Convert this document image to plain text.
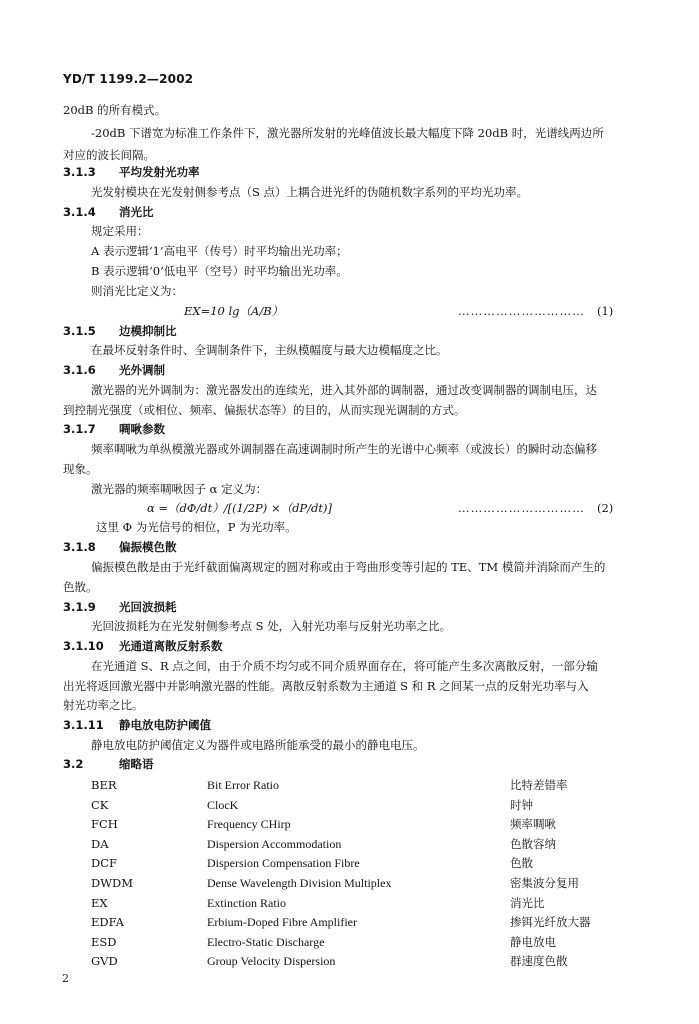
YD/T 1199.2—2002
20dB 的所有模式。
-20dB 下谱宽为标准工作条件下，激光器所发射的光峰值波长最大幅度下降 20dB 时，光谱线两边所
对应的波长间隔。
3.1.3 平均发射光功率
光发射模块在光发射侧参考点（S 点）上耦合进光纤的伪随机数字系列的平均光功率。
3.1.4 消光比
规定采用：
A 表示逻辑‘1’高电平（传号）时平均输出光功率；
B 表示逻辑‘0’低电平（空号）时平均输出光功率。
则消光比定义为：
EX=10 lg（A/B）	………………………… (1)
3.1.5 边模抑制比
在最坏反射条件时、全调制条件下，主纵模幅度与最大边模幅度之比。
3.1.6 光外调制
激光器的光外调制为：激光器发出的连续光，进入其外部的调制器，通过改变调制器的调制电压，达
到控制光强度（或相位、频率、偏振状态等）的目的，从而实现光调制的方式。
3.1.7 啁啾参数
频率啁啾为单纵模激光器或外调制器在高速调制时所产生的光谱中心频率（或波长）的瞬时动态偏移
现象。
激光器的频率啁啾因子 α 定义为：
α =（dΦ/dt）/[(1/2P) ×（dP/dt)]	………………………… (2)
这里 Φ 为光信号的相位，P 为光功率。
3.1.8 偏振模色散
偏振模色散是由于光纤截面偏离规定的圆对称或由于弯曲形变等引起的 TE、TM 模简并消除而产生的
色散。
3.1.9 光回波损耗
光回波损耗为在光发射侧参考点 S 处，入射光功率与反射光功率之比。
3.1.10 光通道离散反射系数
在光通道 S、R 点之间，由于介质不均匀或不同介质界面存在，将可能产生多次离散反射，一部分输
出光将返回激光器中并影响激光器的性能。离散反射系数为主通道 S 和 R 之间某一点的反射光功率与入
射光功率之比。
3.1.11 静电放电防护阈值
静电放电防护阈值定义为器件或电路所能承受的最小的静电电压。
3.2	缩略语
BER	Bit Error Ratio	比特差错率
CK	ClocK	时钟
FCH	Frequency CHirp	频率啁啾
DA	Dispersion Accommodation	色散容纳
DCF	Dispersion Compensation Fibre	色散
DWDM	Dense Wavelength Division Multiplex	密集波分复用
EX	Extinction Ratio	消光比
EDFA	Erbium-Doped Fibre Amplifier	掺铒光纤放大器
ESD	Electro-Static Discharge	静电放电
GVD	Group Velocity Dispersion	群速度色散
2
